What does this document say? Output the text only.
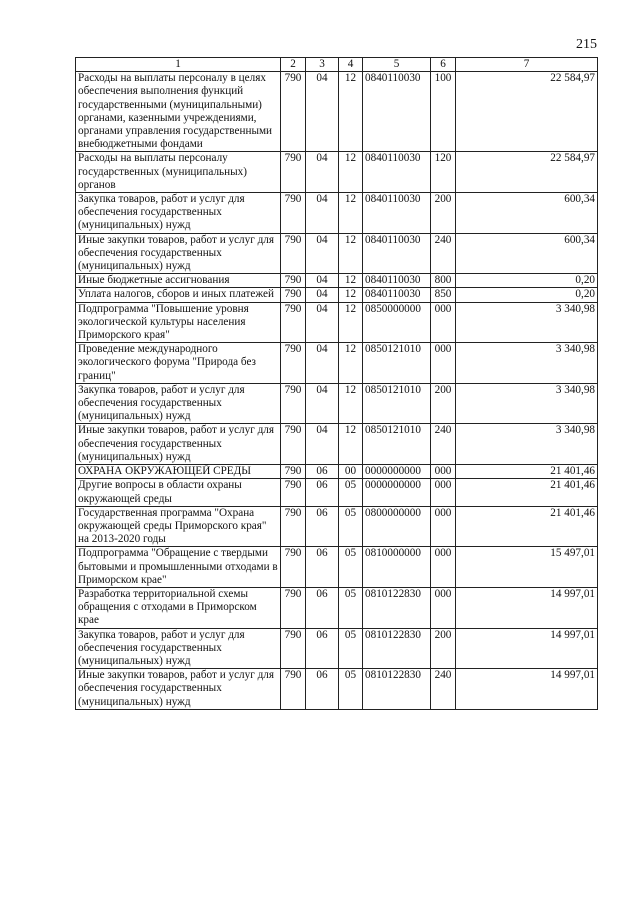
215
1	2	3	4	5	6	7
Расходы на выплаты персоналу в целях обеспечения выполнения функций государственными (муниципальными) органами, казенными учреждениями, органами управления государственными внебюджетными фондами	790	04	12	0840110030	100	22 584,97
Расходы на выплаты персоналу государственных (муниципальных) органов	790	04	12	0840110030	120	22 584,97
Закупка товаров, работ и услуг для обеспечения государственных (муниципальных) нужд	790	04	12	0840110030	200	600,34
Иные закупки товаров, работ и услуг для обеспечения государственных (муниципальных) нужд	790	04	12	0840110030	240	600,34
Иные бюджетные ассигнования	790	04	12	0840110030	800	0,20
Уплата налогов, сборов и иных платежей	790	04	12	0840110030	850	0,20
Подпрограмма "Повышение уровня экологической культуры населения Приморского края"	790	04	12	0850000000	000	3 340,98
Проведение международного экологического форума "Природа без границ"	790	04	12	0850121010	000	3 340,98
Закупка товаров, работ и услуг для обеспечения государственных (муниципальных) нужд	790	04	12	0850121010	200	3 340,98
Иные закупки товаров, работ и услуг для обеспечения государственных (муниципальных) нужд	790	04	12	0850121010	240	3 340,98
ОХРАНА ОКРУЖАЮЩЕЙ СРЕДЫ	790	06	00	0000000000	000	21 401,46
Другие вопросы в области охраны окружающей среды	790	06	05	0000000000	000	21 401,46
Государственная программа "Охрана окружающей среды Приморского края" на 2013-2020 годы	790	06	05	0800000000	000	21 401,46
Подпрограмма "Обращение с твердыми бытовыми и промышленными отходами в Приморском крае"	790	06	05	0810000000	000	15 497,01
Разработка территориальной схемы обращения с отходами в Приморском крае	790	06	05	0810122830	000	14 997,01
Закупка товаров, работ и услуг для обеспечения государственных (муниципальных) нужд	790	06	05	0810122830	200	14 997,01
Иные закупки товаров, работ и услуг для обеспечения государственных (муниципальных) нужд	790	06	05	0810122830	240	14 997,01
